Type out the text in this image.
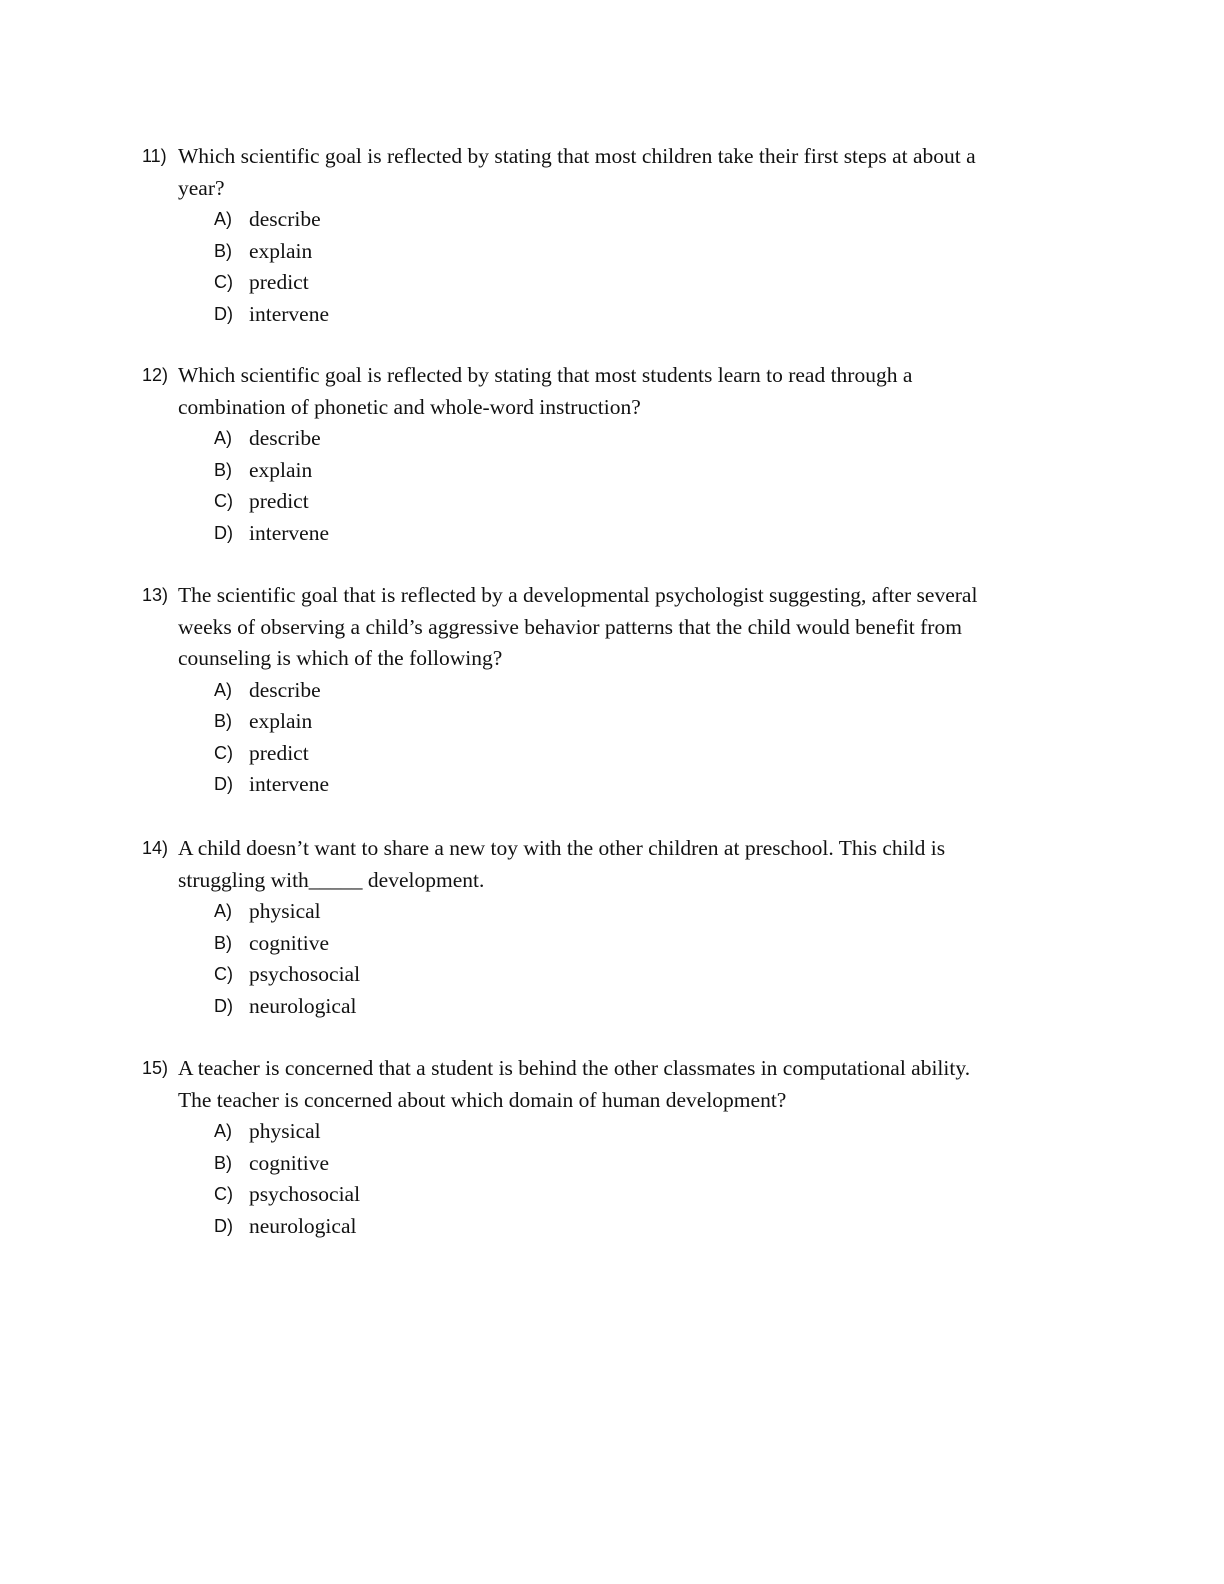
11) Which scientific goal is reflected by stating that most children take their first steps at about a
year?
A) describe
B) explain
C) predict
D) intervene
12) Which scientific goal is reflected by stating that most students learn to read through a
combination of phonetic and whole-word instruction?
A) describe
B) explain
C) predict
D) intervene
13) The scientific goal that is reflected by a developmental psychologist suggesting, after several
weeks of observing a child’s aggressive behavior patterns that the child would benefit from
counseling is which of the following?
A) describe
B) explain
C) predict
D) intervene
14) A child doesn’t want to share a new toy with the other children at preschool. This child is
struggling with_____ development.
A) physical
B) cognitive
C) psychosocial
D) neurological
15) A teacher is concerned that a student is behind the other classmates in computational ability.
The teacher is concerned about which domain of human development?
A) physical
B) cognitive
C) psychosocial
D) neurological
